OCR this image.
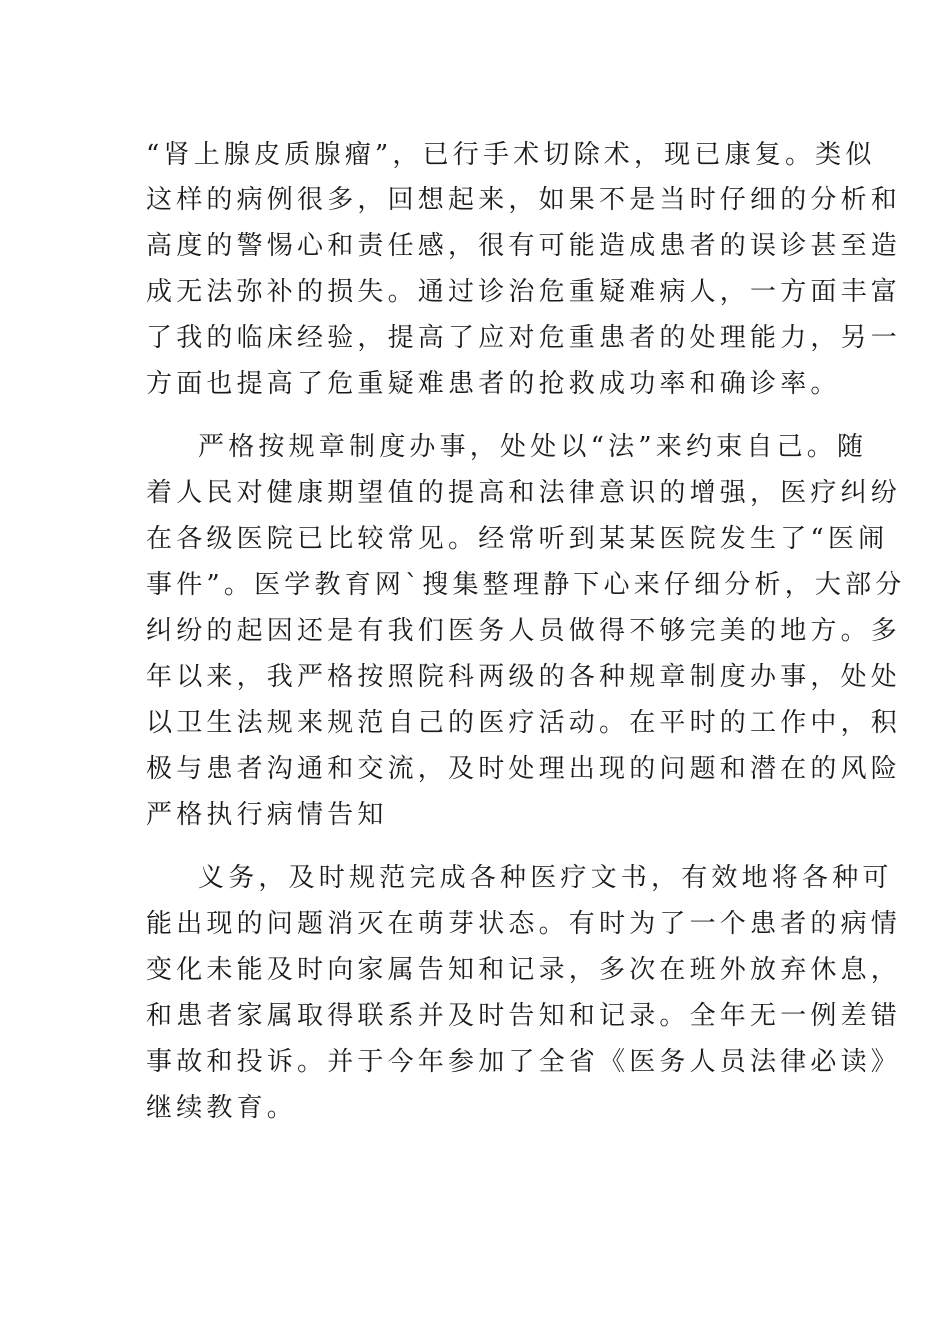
“肾上腺皮质腺瘤”，已行手术切除术，现已康复。类似
这样的病例很多，回想起来，如果不是当时仔细的分析和
高度的警惕心和责任感，很有可能造成患者的误诊甚至造
成无法弥补的损失。通过诊治危重疑难病人，一方面丰富
了我的临床经验，提高了应对危重患者的处理能力，另一
方面也提高了危重疑难患者的抢救成功率和确诊率。
严格按规章制度办事，处处以“法”来约束自己。随
着人民对健康期望值的提高和法律意识的增强，医疗纠纷
在各级医院已比较常见。经常听到某某医院发生了“医闹
事件”。医学教育网`搜集整理静下心来仔细分析，大部分
纠纷的起因还是有我们医务人员做得不够完美的地方。多
年以来，我严格按照院科两级的各种规章制度办事，处处
以卫生法规来规范自己的医疗活动。在平时的工作中，积
极与患者沟通和交流，及时处理出现的问题和潜在的风险
严格执行病情告知
义务，及时规范完成各种医疗文书，有效地将各种可
能出现的问题消灭在萌芽状态。有时为了一个患者的病情
变化未能及时向家属告知和记录，多次在班外放弃休息，
和患者家属取得联系并及时告知和记录。全年无一例差错
事故和投诉。并于今年参加了全省《医务人员法律必读》
继续教育。
